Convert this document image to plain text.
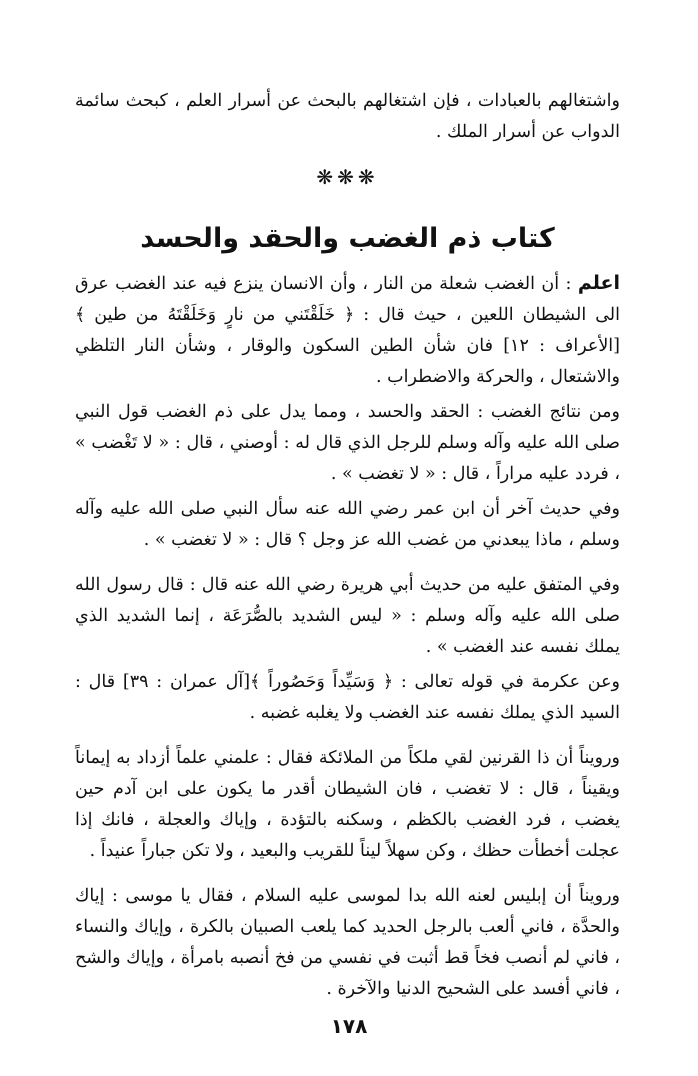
واشتغالهم بالعبادات ، فإن اشتغالهم بالبحث عن أسرار العلم ، كبحث سائمة الدواب عن أسرار الملك .

❋❋❋
كتاب ذم الغضب والحقد والحسد

اعلم : أن الغضب شعلة من النار ، وأن الانسان ينزع فيه عند الغضب عرق الى الشيطان اللعين ، حيث قال : ﴿ خَلَقْتَني من نارٍ وَخَلَقْتَهُ من طين ﴾[الأعراف : ١٢] فان شأن الطين السكون والوقار ، وشأن النار التلظي والاشتعال ، والحركة والاضطراب .

ومن نتائج الغضب : الحقد والحسد ، ومما يدل على ذم الغضب قول النبي صلى الله عليه وآله وسلم للرجل الذي قال له : أوصني ، قال : « لا تَغْضب » ، فردد عليه مراراً ، قال : « لا تغضب » .

وفي حديث آخر أن ابن عمر رضي الله عنه سأل النبي صلى الله عليه وآله وسلم ، ماذا يبعدني من غضب الله عز وجل ؟ قال : « لا تغضب » .

وفي المتفق عليه من حديث أبي هريرة رضي الله عنه قال : قال رسول الله صلى الله عليه وآله وسلم : « ليس الشديد بالصُّرَعَة ، إنما الشديد الذي يملك نفسه عند الغضب » .

وعن عكرمة في قوله تعالى : ﴿ وَسَيِّداً وَحَصُوراً ﴾[آل عمران : ٣٩] قال : السيد الذي يملك نفسه عند الغضب ولا يغلبه غضبه .

ورويناً أن ذا القرنين لقي ملكاً من الملائكة فقال : علمني علماً أزداد به إيماناً ويقيناً ، قال : لا تغضب ، فان الشيطان أقدر ما يكون على ابن آدم حين يغضب ، فرد الغضب بالكظم ، وسكنه بالتؤدة ، وإياك والعجلة ، فانك إذا عجلت أخطأت حظك ، وكن سهلاً ليناً للقريب والبعيد ، ولا تكن جباراً عنيداً .

ورويناً أن إبليس لعنه الله بدا لموسى عليه السلام ، فقال يا موسى : إياك والحدَّة ، فاني ألعب بالرجل الحديد كما يلعب الصبيان بالكرة ، وإياك والنساء ، فاني لم أنصب فخاً قط أثبت في نفسي من فخ أنصبه بامرأة ، وإياك والشح ، فاني أفسد على الشحيح الدنيا والآخرة .

١٧٨
